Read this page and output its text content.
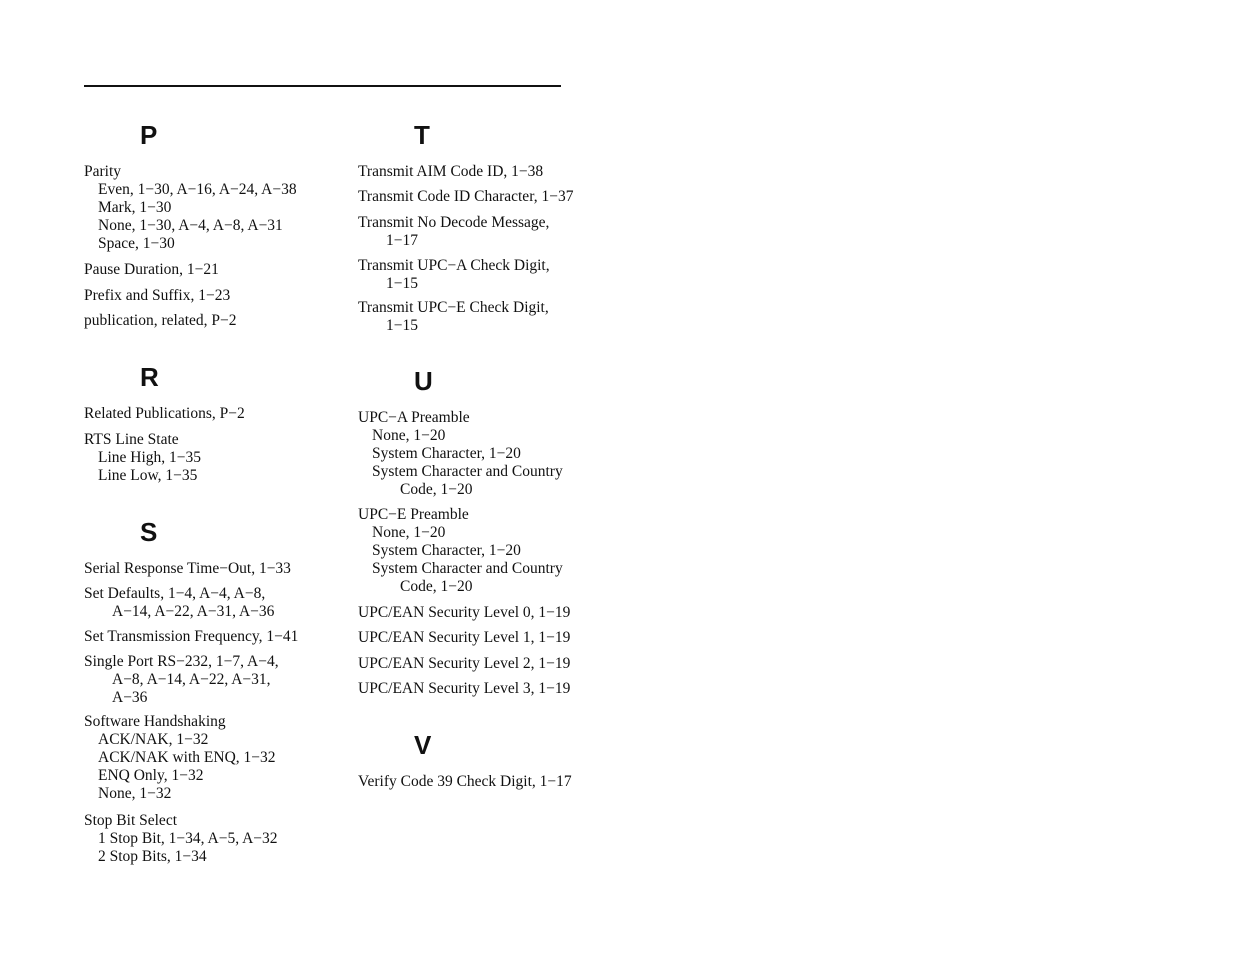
P
Parity
Even, 1−30, A−16, A−24, A−38
Mark, 1−30
None, 1−30, A−4, A−8, A−31
Space, 1−30
Pause Duration, 1−21
Prefix and Suffix, 1−23
publication, related, P−2
R
Related Publications, P−2
RTS Line State
Line High, 1−35
Line Low, 1−35
S
Serial Response Time−Out, 1−33
Set Defaults, 1−4, A−4, A−8,
A−14, A−22, A−31, A−36
Set Transmission Frequency, 1−41
Single Port RS−232, 1−7, A−4,
A−8, A−14, A−22, A−31,
A−36
Software Handshaking
ACK/NAK, 1−32
ACK/NAK with ENQ, 1−32
ENQ Only, 1−32
None, 1−32
Stop Bit Select
1 Stop Bit, 1−34, A−5, A−32
2 Stop Bits, 1−34
T
Transmit AIM Code ID, 1−38
Transmit Code ID Character, 1−37
Transmit No Decode Message,
1−17
Transmit UPC−A Check Digit,
1−15
Transmit UPC−E Check Digit,
1−15
U
UPC−A Preamble
None, 1−20
System Character, 1−20
System Character and Country
Code, 1−20
UPC−E Preamble
None, 1−20
System Character, 1−20
System Character and Country
Code, 1−20
UPC/EAN Security Level 0, 1−19
UPC/EAN Security Level 1, 1−19
UPC/EAN Security Level 2, 1−19
UPC/EAN Security Level 3, 1−19
V
Verify Code 39 Check Digit, 1−17
